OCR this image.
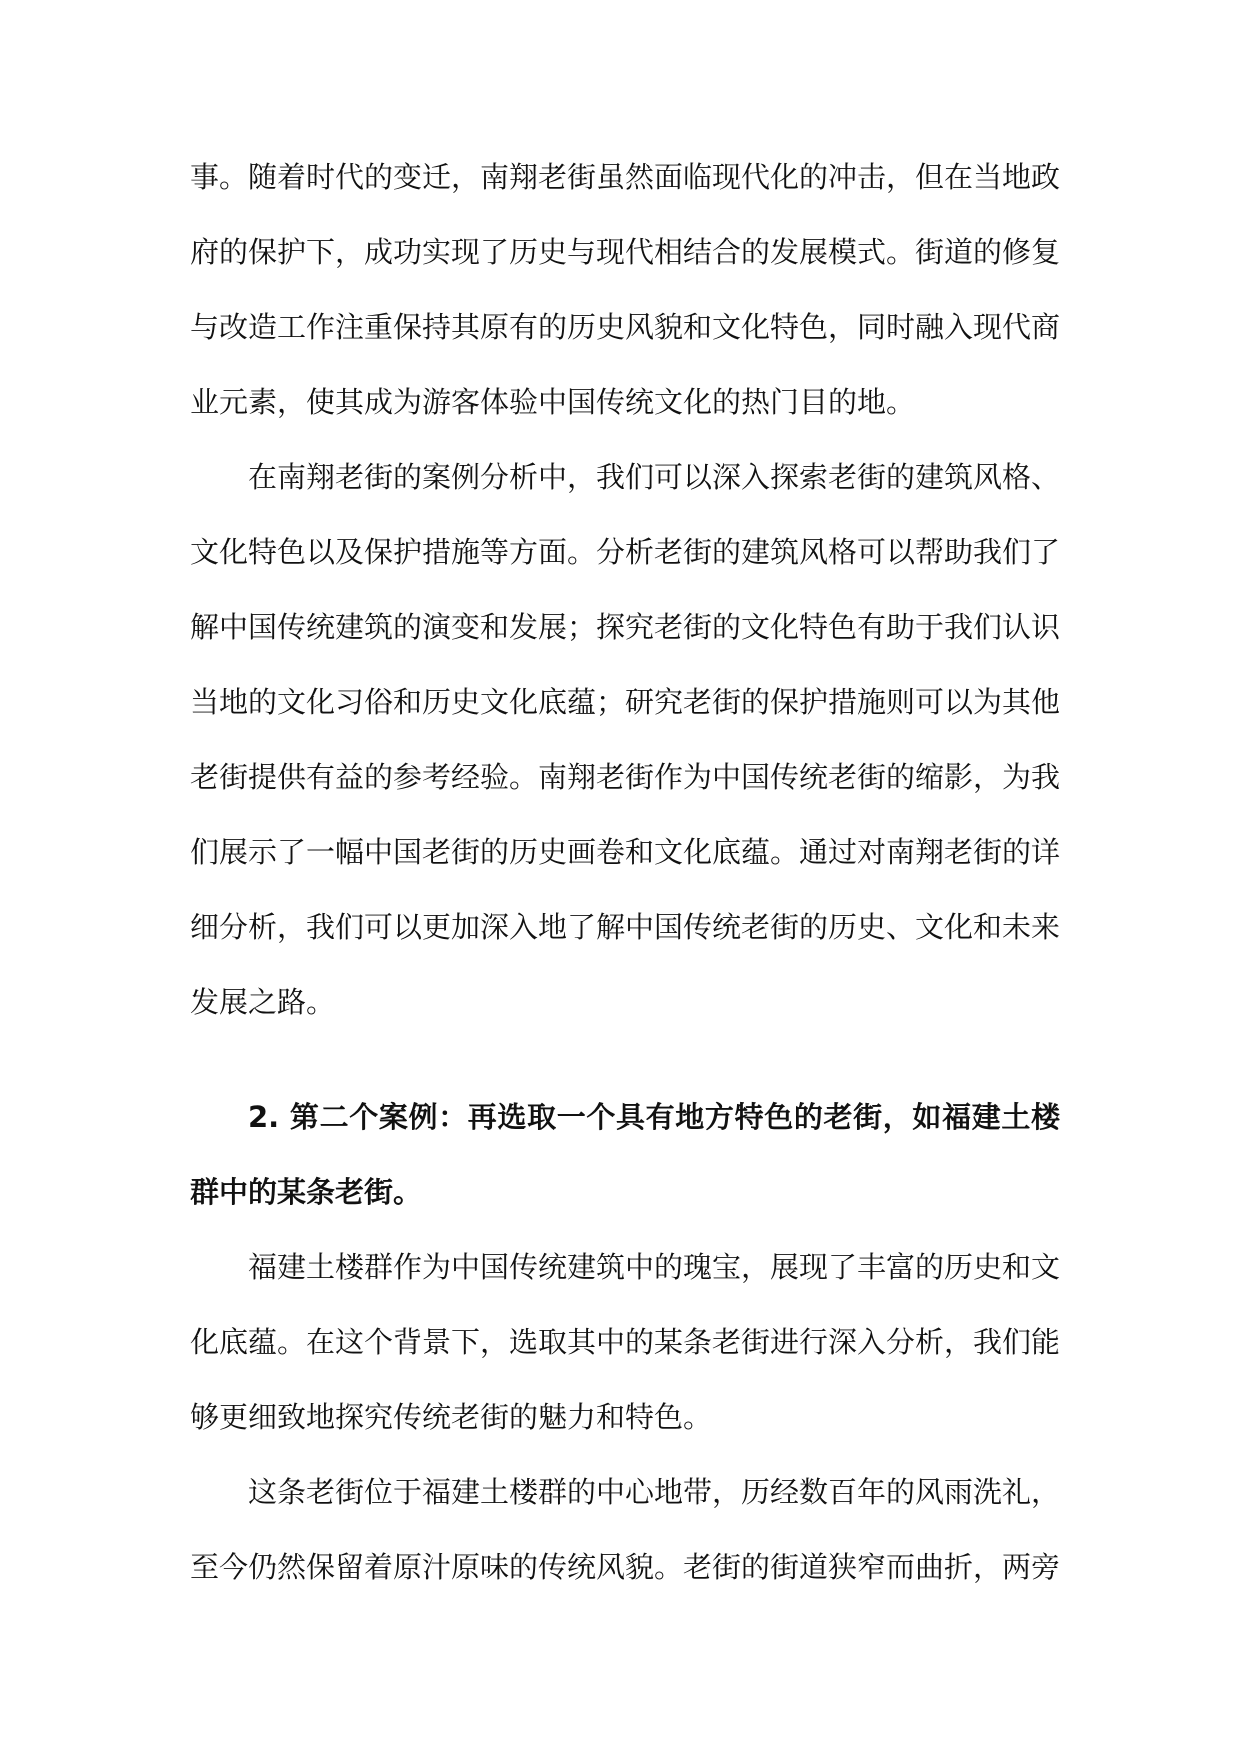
事。随着时代的变迁，南翔老街虽然面临现代化的冲击，但在当地政
府的保护下，成功实现了历史与现代相结合的发展模式。街道的修复
与改造工作注重保持其原有的历史风貌和文化特色，同时融入现代商
业元素，使其成为游客体验中国传统文化的热门目的地。
在南翔老街的案例分析中，我们可以深入探索老街的建筑风格、
文化特色以及保护措施等方面。分析老街的建筑风格可以帮助我们了
解中国传统建筑的演变和发展；探究老街的文化特色有助于我们认识
当地的文化习俗和历史文化底蕴；研究老街的保护措施则可以为其他
老街提供有益的参考经验。南翔老街作为中国传统老街的缩影，为我
们展示了一幅中国老街的历史画卷和文化底蕴。通过对南翔老街的详
细分析，我们可以更加深入地了解中国传统老街的历史、文化和未来
发展之路。
2. 第二个案例：再选取一个具有地方特色的老街，如福建土楼
群中的某条老街。
福建土楼群作为中国传统建筑中的瑰宝，展现了丰富的历史和文
化底蕴。在这个背景下，选取其中的某条老街进行深入分析，我们能
够更细致地探究传统老街的魅力和特色。
这条老街位于福建土楼群的中心地带，历经数百年的风雨洗礼，
至今仍然保留着原汁原味的传统风貌。老街的街道狭窄而曲折，两旁
